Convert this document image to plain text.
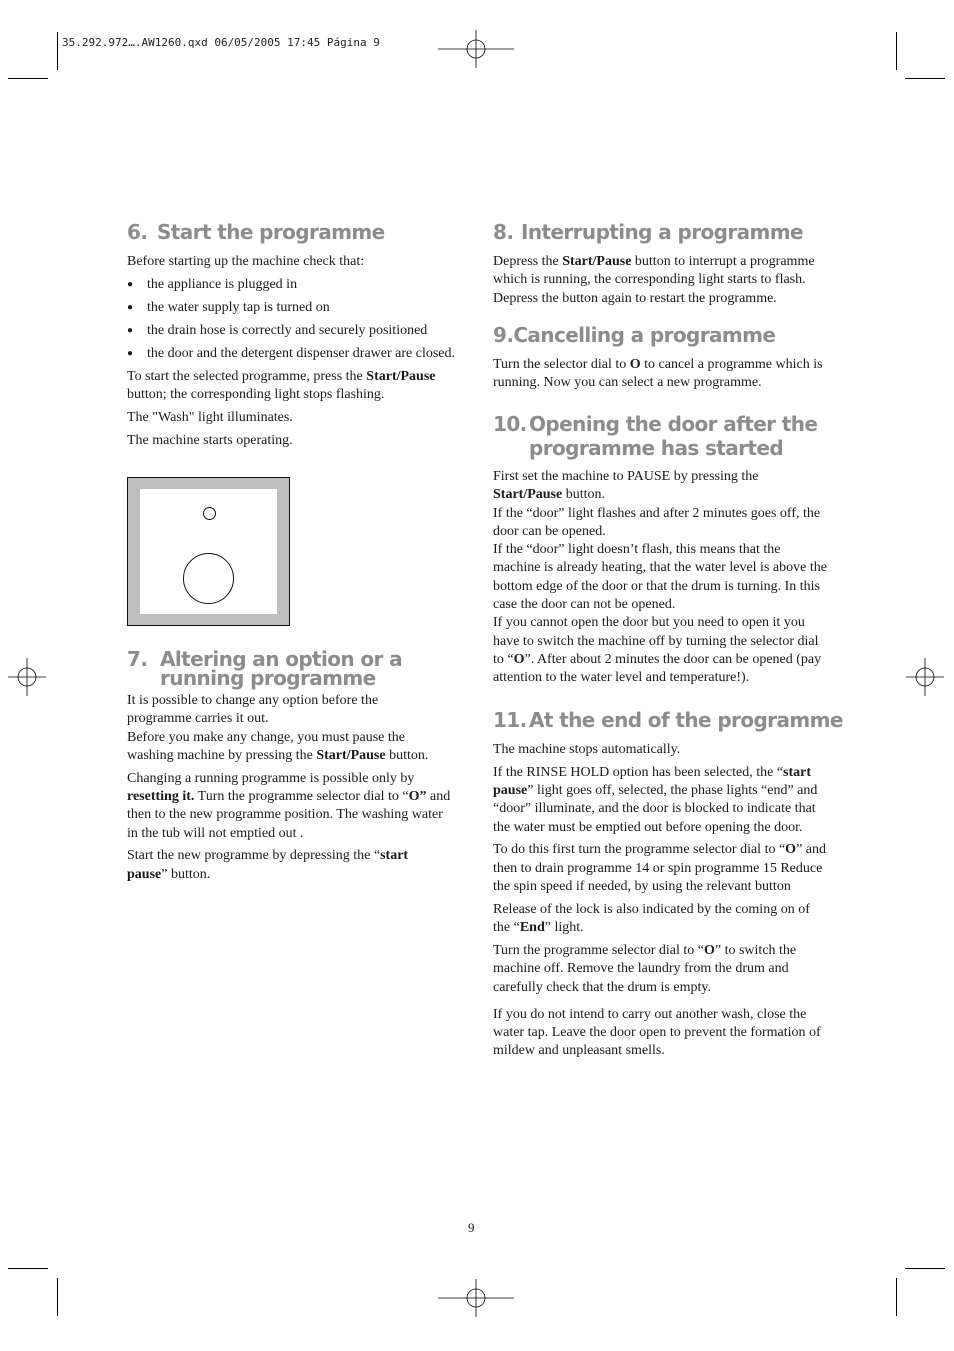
35.292.972….AW1260.qxd 06/05/2005 17:45 Página 9
6. Start the programme

Before starting up the machine check that:

● the appliance is plugged in
● the water supply tap is turned on
● the drain hose is correctly and securely positioned
● the door and the detergent dispenser drawer are closed.

To start the selected programme, press the Start/Pause button; the corresponding light stops flashing.

The "Wash" light illuminates.

The machine starts operating.

7. Altering an option or a
running programme

It is possible to change any option before the programme carries it out.

Before you make any change, you must pause the washing machine by pressing the Start/Pause button.

Changing a running programme is possible only by resetting it. Turn the programme selector dial to “O” and then to the new programme position. The washing water in the tub will not emptied out .

Start the new programme by depressing the “start pause” button.

8. Interrupting a programme

Depress the Start/Pause button to interrupt a programme which is running, the corresponding light starts to flash. Depress the button again to restart the programme.

9.Cancelling a programme

Turn the selector dial to O to cancel a programme which is running. Now you can select a new programme.

10. Opening the door after the
programme has started

First set the machine to PAUSE by pressing the Start/Pause button.

If the “door” light flashes and after 2 minutes goes off, the door can be opened.

If the “door” light doesn’t flash, this means that the machine is already heating, that the water level is above the bottom edge of the door or that the drum is turning. In this case the door can not be opened.

If you cannot open the door but you need to open it you have to switch the machine off by turning the selector dial to “O”. After about 2 minutes the door can be opened (pay attention to the water level and temperature!).

11. At the end of the programme

The machine stops automatically.

If the RINSE HOLD option has been selected, the “start pause” light goes off, selected, the phase lights “end” and “door” illuminate, and the door is blocked to indicate that the water must be emptied out before opening the door.

To do this first turn the programme selector dial to “O” and then to drain programme 14 or spin programme 15 Reduce the spin speed if needed, by using the relevant button

Release of the lock is also indicated by the coming on of the “End” light.

Turn the programme selector dial to “O” to switch the machine off. Remove the laundry from the drum and carefully check that the drum is empty.

If you do not intend to carry out another wash, close the water tap. Leave the door open to prevent the formation of mildew and unpleasant smells.

9
